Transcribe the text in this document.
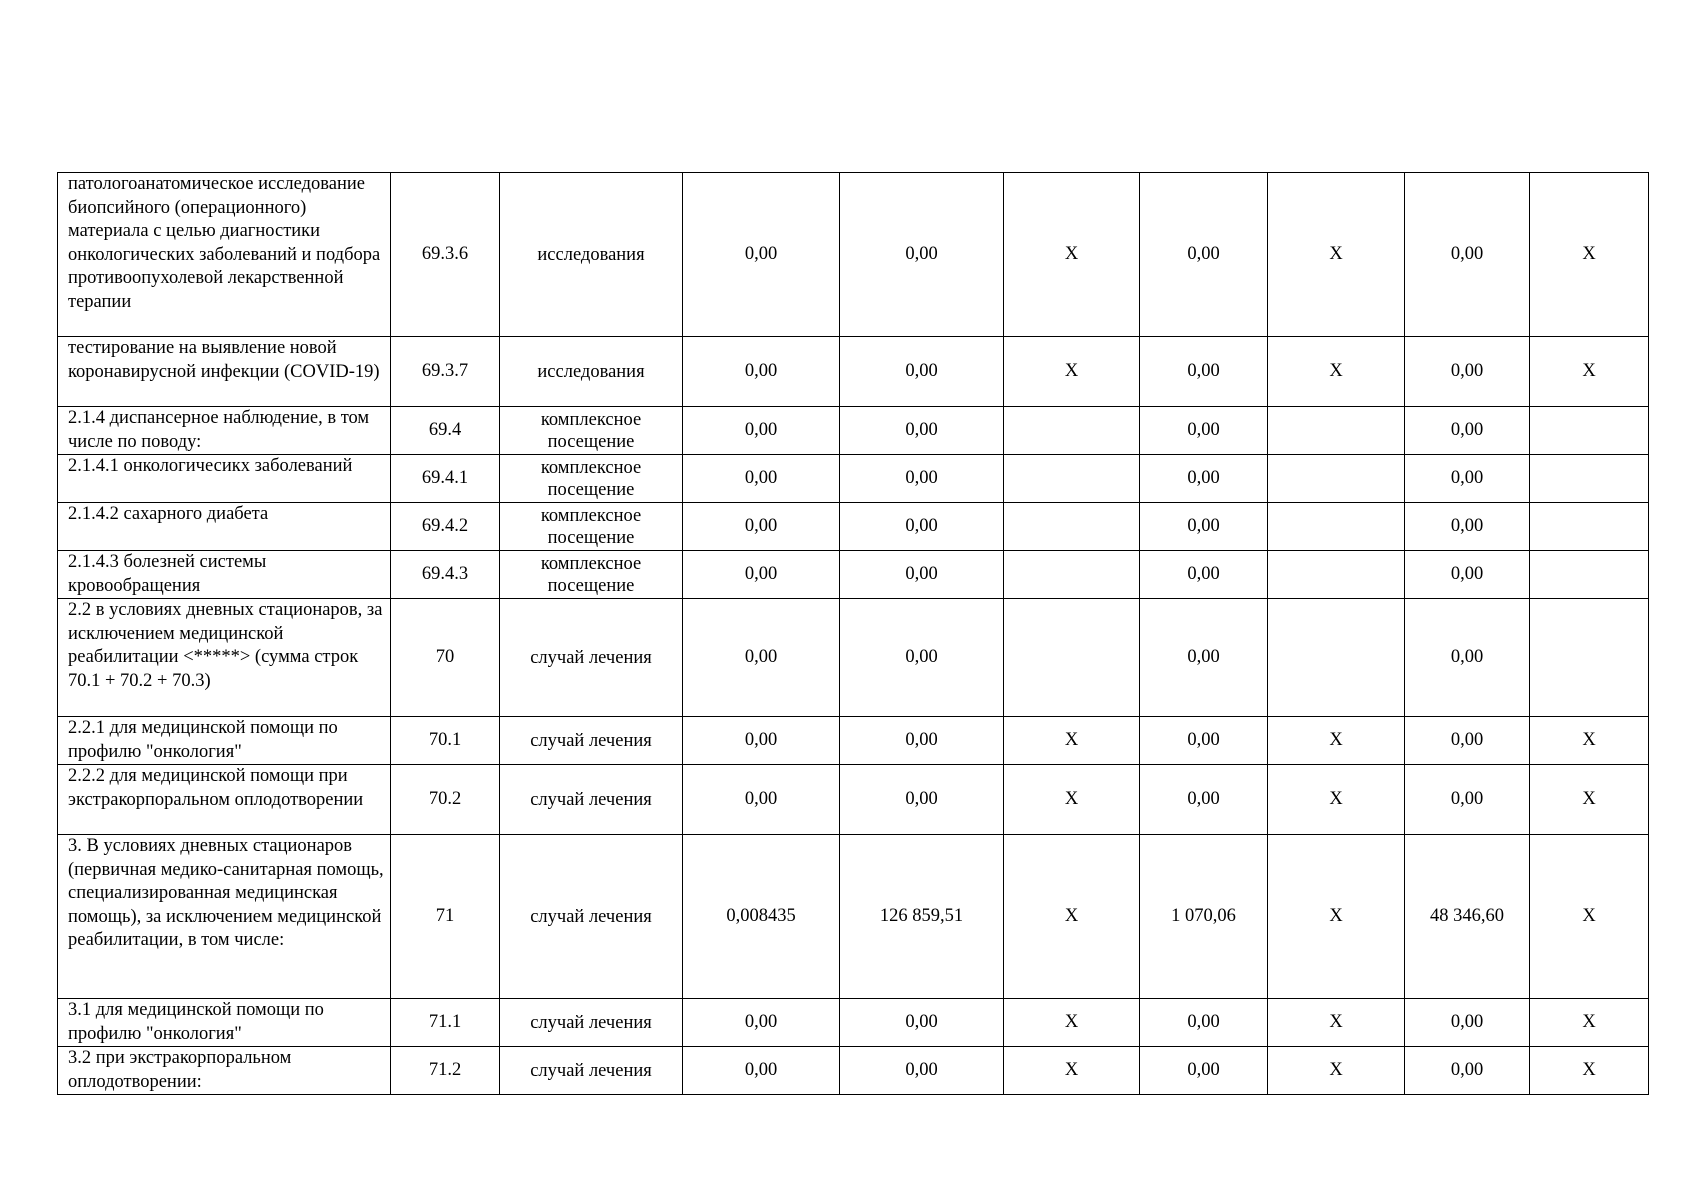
патологоанатомическое исследование биопсийного (операционного) материала с целью диагностики онкологических заболеваний и подбора противоопухолевой лекарственной терапии	69.3.6	исследования	0,00	0,00	X	0,00	X	0,00	X
тестирование на выявление новой коронавирусной инфекции (COVID-19)	69.3.7	исследования	0,00	0,00	X	0,00	X	0,00	X
2.1.4 диспансерное наблюдение, в том числе по поводу:	69.4	комплексное посещение	0,00	0,00		0,00		0,00	
2.1.4.1 онкологичесикх заболеваний	69.4.1	комплексное посещение	0,00	0,00		0,00		0,00	
2.1.4.2 сахарного диабета	69.4.2	комплексное посещение	0,00	0,00		0,00		0,00	
2.1.4.3 болезней системы кровообращения	69.4.3	комплексное посещение	0,00	0,00		0,00		0,00	
2.2 в условиях дневных стационаров, за исключением медицинской реабилитации <*****> (сумма строк 70.1 + 70.2 + 70.3)	70	случай лечения	0,00	0,00		0,00		0,00	
2.2.1 для медицинской помощи по профилю "онкология"	70.1	случай лечения	0,00	0,00	X	0,00	X	0,00	X
2.2.2 для медицинской помощи при экстракорпоральном оплодотворении	70.2	случай лечения	0,00	0,00	X	0,00	X	0,00	X
3. В условиях дневных стационаров (первичная медико-санитарная помощь, специализированная медицинская помощь), за исключением медицинской реабилитации, в том числе:	71	случай лечения	0,008435	126 859,51	X	1 070,06	X	48 346,60	X
3.1 для медицинской помощи по профилю "онкология"	71.1	случай лечения	0,00	0,00	X	0,00	X	0,00	X
3.2 при экстракорпоральном оплодотворении:	71.2	случай лечения	0,00	0,00	X	0,00	X	0,00	X
